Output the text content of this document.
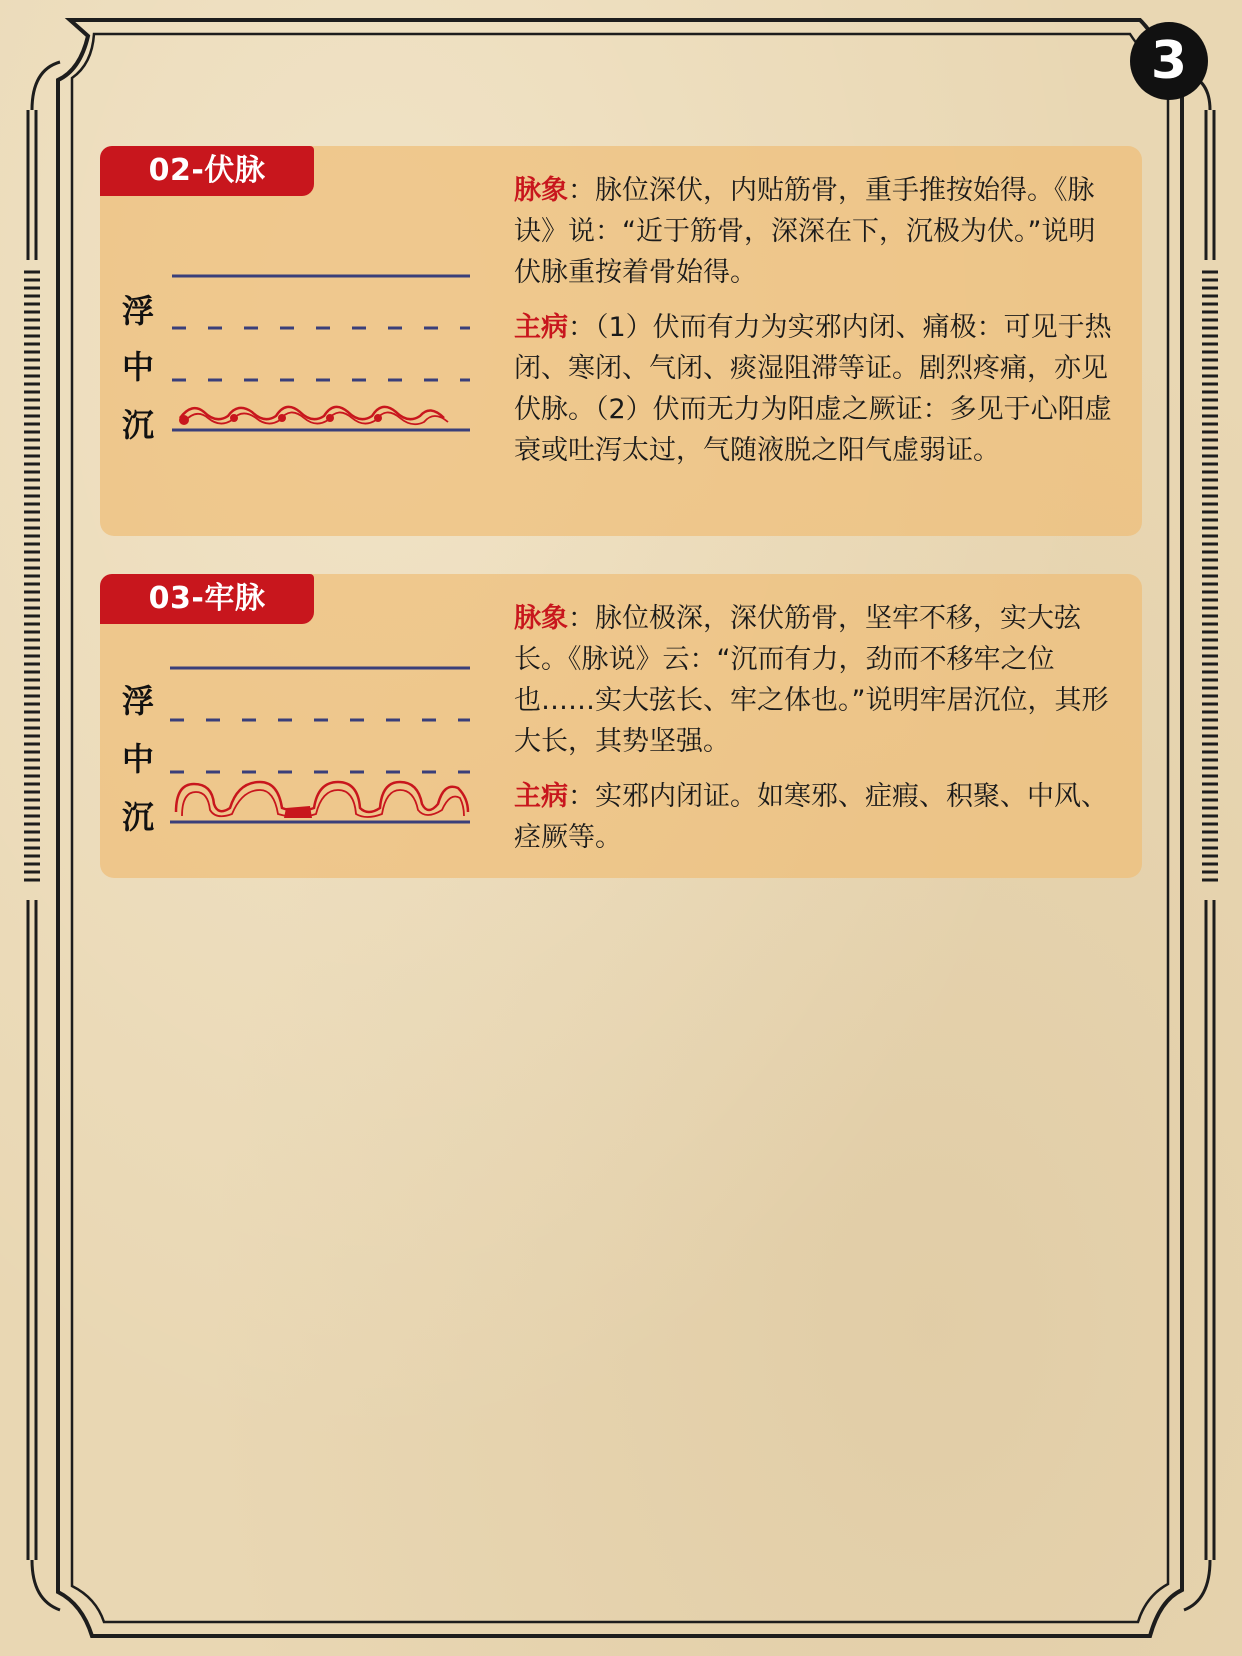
3
02-伏脉
浮
中
沉

脉象：脉位深伏，内贴筋骨，重手推按始得。《脉诀》说：“近于筋骨，深深在下，沉极为伏。”说明伏脉重按着骨始得。

主病：（1）伏而有力为实邪内闭、痛极：可见于热闭、寒闭、气闭、痰湿阻滞等证。剧烈疼痛，亦见伏脉。（2）伏而无力为阳虚之厥证：多见于心阳虚衰或吐泻太过，气随液脱之阳气虚弱证。

03-牢脉
浮
中
沉

脉象：脉位极深，深伏筋骨，坚牢不移，实大弦长。《脉说》云：“沉而有力，劲而不移牢之位也……实大弦长、牢之体也。”说明牢居沉位，其形大长，其势坚强。

主病：实邪内闭证。如寒邪、症瘕、积聚、中风、痉厥等。
